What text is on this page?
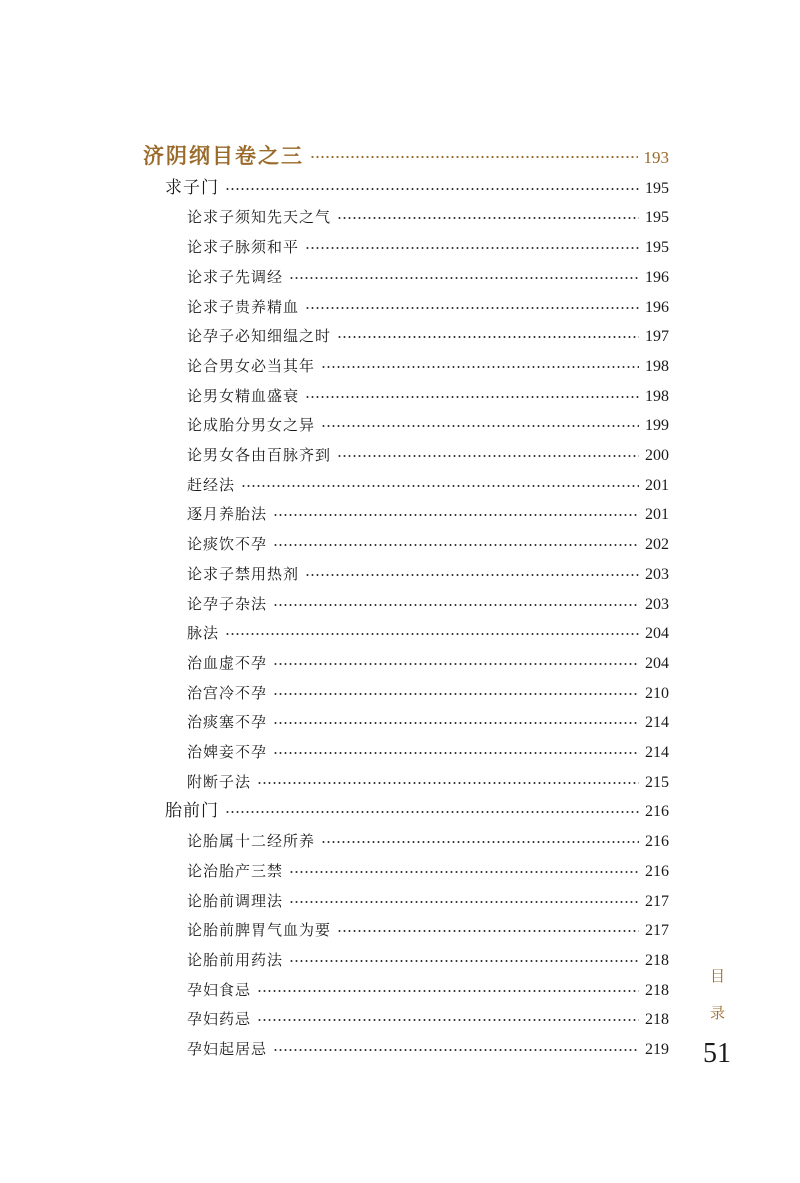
济阴纲目卷之三	193
求子门	195
论求子须知先天之气	195
论求子脉须和平	195
论求子先调经	196
论求子贵养精血	196
论孕子必知细缊之时	197
论合男女必当其年	198
论男女精血盛衰	198
论成胎分男女之异	199
论男女各由百脉齐到	200
赶经法	201
逐月养胎法	201
论痰饮不孕	202
论求子禁用热剂	203
论孕子杂法	203
脉法	204
治血虚不孕	204
治宫冷不孕	210
治痰塞不孕	214
治婢妾不孕	214
附断子法	215
胎前门	216
论胎属十二经所养	216
论治胎产三禁	216
论胎前调理法	217
论胎前脾胃气血为要	217
论胎前用药法	218
孕妇食忌	218
孕妇药忌	218
孕妇起居忌	219
目
录
51
